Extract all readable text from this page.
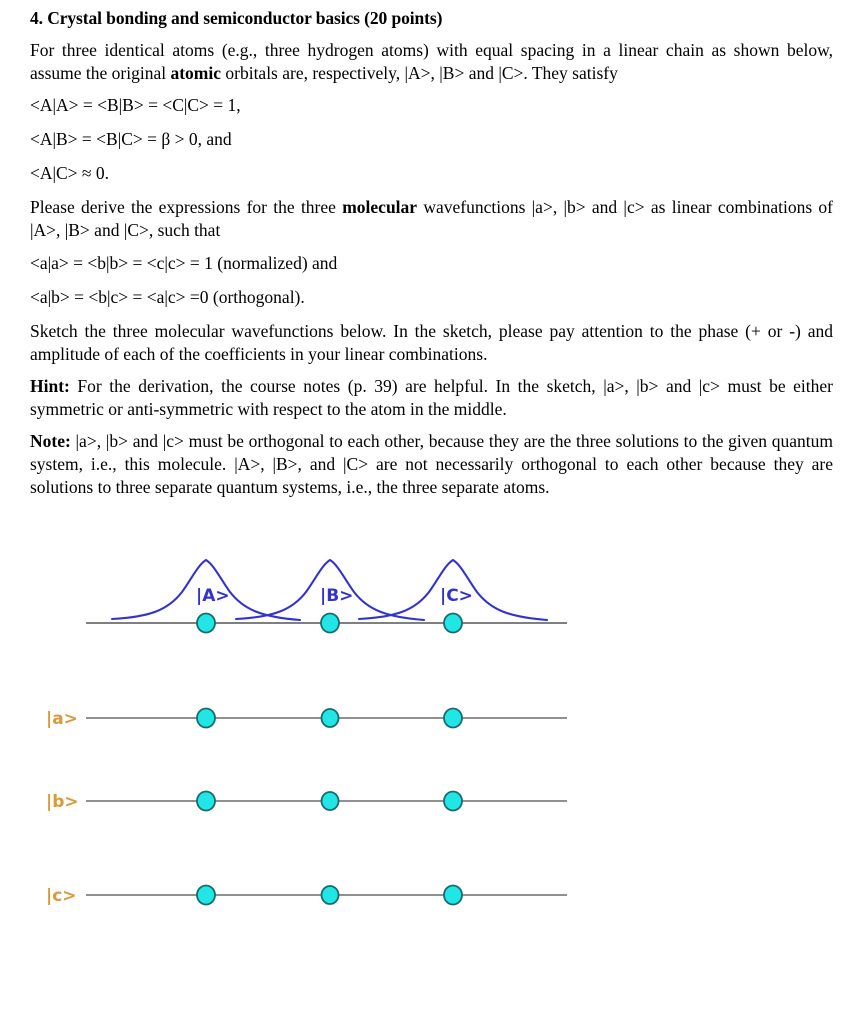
4. Crystal bonding and semiconductor basics (20 points)

For three identical atoms (e.g., three hydrogen atoms) with equal spacing in a linear chain as shown below, assume the original atomic orbitals are, respectively, |A>, |B> and |C>. They satisfy

<A|A> = <B|B> = <C|C> = 1,

<A|B> = <B|C> = β > 0, and

<A|C> ≈ 0.

Please derive the expressions for the three molecular wavefunctions |a>, |b> and |c> as linear combinations of |A>, |B> and |C>, such that

<a|a> = <b|b> = <c|c> = 1 (normalized) and

<a|b> = <b|c> = <a|c> =0 (orthogonal).

Sketch the three molecular wavefunctions below. In the sketch, please pay attention to the phase (+ or -) and amplitude of each of the coefficients in your linear combinations.

Hint: For the derivation, the course notes (p. 39) are helpful. In the sketch, |a>, |b> and |c> must be either symmetric or anti-symmetric with respect to the atom in the middle.

Note: |a>, |b> and |c> must be orthogonal to each other, because they are the three solutions to the given quantum system, i.e., this molecule. |A>, |B>, and |C> are not necessarily orthogonal to each other because they are solutions to three separate quantum systems, i.e., the three separate atoms.

|A>	|B>	|C>
|a>
|b>
|c>
